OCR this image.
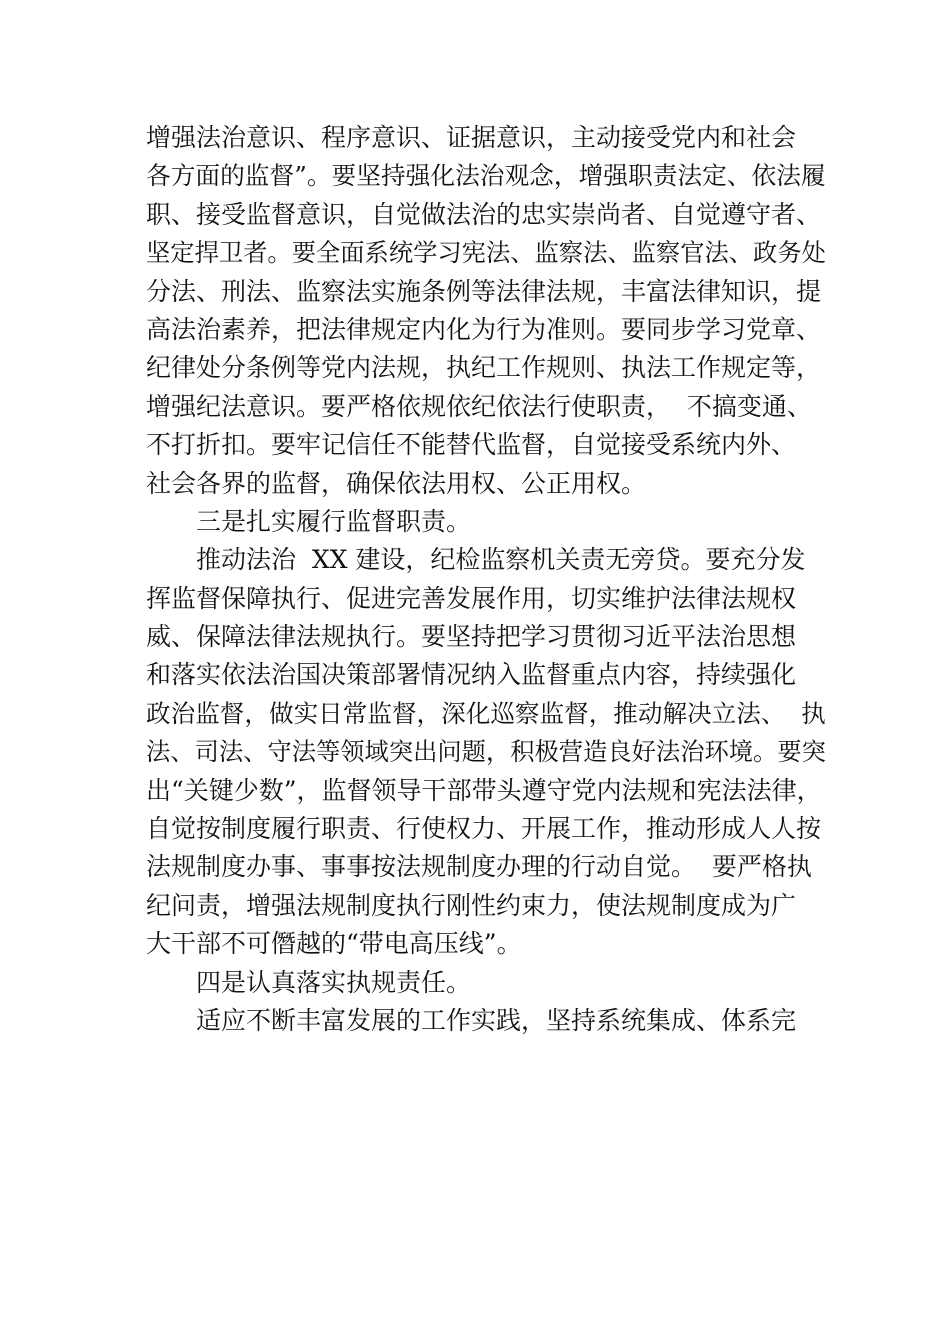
增强法治意识、程序意识、证据意识，主动接受党内和社会

各方面的监督”。要坚持强化法治观念，增强职责法定、依法履

职、接受监督意识，自觉做法治的忠实崇尚者、自觉遵守者、

坚定捍卫者。要全面系统学习宪法、监察法、监察官法、政务处

分法、刑法、监察法实施条例等法律法规，丰富法律知识，提

高法治素养，把法律规定内化为行为准则。要同步学习党章、

纪律处分条例等党内法规，执纪工作规则、执法工作规定等，

增强纪法意识。要严格依规依纪依法行使职责，  不搞变通、

不打折扣。要牢记信任不能替代监督，自觉接受系统内外、

社会各界的监督，确保依法用权、公正用权。

三是扎实履行监督职责。

推动法治  XX 建设，纪检监察机关责无旁贷。要充分发

挥监督保障执行、促进完善发展作用，切实维护法律法规权

威、保障法律法规执行。要坚持把学习贯彻习近平法治思想

和落实依法治国决策部署情况纳入监督重点内容，持续强化

政治监督，做实日常监督，深化巡察监督，推动解决立法、  执

法、司法、守法等领域突出问题，积极营造良好法治环境。要突

出“关键少数”，监督领导干部带头遵守党内法规和宪法法律，

自觉按制度履行职责、行使权力、开展工作，推动形成人人按

法规制度办事、事事按法规制度办理的行动自觉。  要严格执

纪问责，增强法规制度执行刚性约束力，使法规制度成为广

大干部不可僭越的“带电高压线”。

四是认真落实执规责任。

适应不断丰富发展的工作实践，坚持系统集成、体系完
